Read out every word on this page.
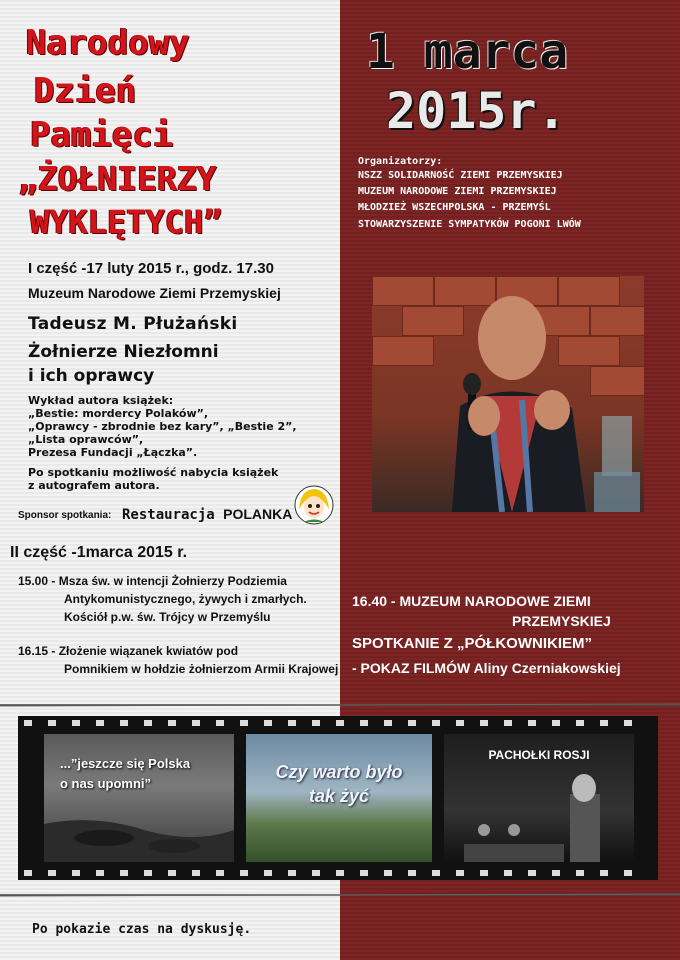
Narodowy
Dzień
Pamięci
„ŻOŁNIERZY
WYKLĘTYCH”
1 marca
2015r.
Organizatorzy:
NSZZ SOLIDARNOŚĆ ZIEMI PRZEMYSKIEJ
MUZEUM NARODOWE ZIEMI PRZEMYSKIEJ
MŁODZIEŻ WSZECHPOLSKA - PRZEMYŚL
STOWARZYSZENIE SYMPATYKÓW POGONI LWÓW
I część -17 luty 2015 r., godz. 17.30
Muzeum Narodowe Ziemi Przemyskiej
Tadeusz M. Płużański
Żołnierze Niezłomni
i ich oprawcy
Wykład autora książek:
„Bestie: mordercy Polaków”,
„Oprawcy - zbrodnie bez kary”, „Bestie 2”,
„Lista oprawców”,
Prezesa Fundacji „Łączka”.
Po spotkaniu możliwość nabycia książek
z autografem autora.
Sponsor spotkania: Restauracja POLANKA
II część -1marca 2015 r.
15.00 - Msza św. w intencji Żołnierzy Podziemia
Antykomunistycznego, żywych i zmarłych.
Kościół p.w. św. Trójcy w Przemyślu
16.15 - Złożenie wiązanek kwiatów pod
Pomnikiem w hołdzie żołnierzom Armii Krajowej
16.40 - MUZEUM NARODOWE ZIEMI
PRZEMYSKIEJ
SPOTKANIE Z „PÓŁKOWNIKIEM”
- POKAZ FILMÓW Aliny Czerniakowskiej
...”jeszcze się Polska
o nas upomni”
Czy warto było
tak żyć
PACHOŁKI ROSJI
Po pokazie czas na dyskusję.
